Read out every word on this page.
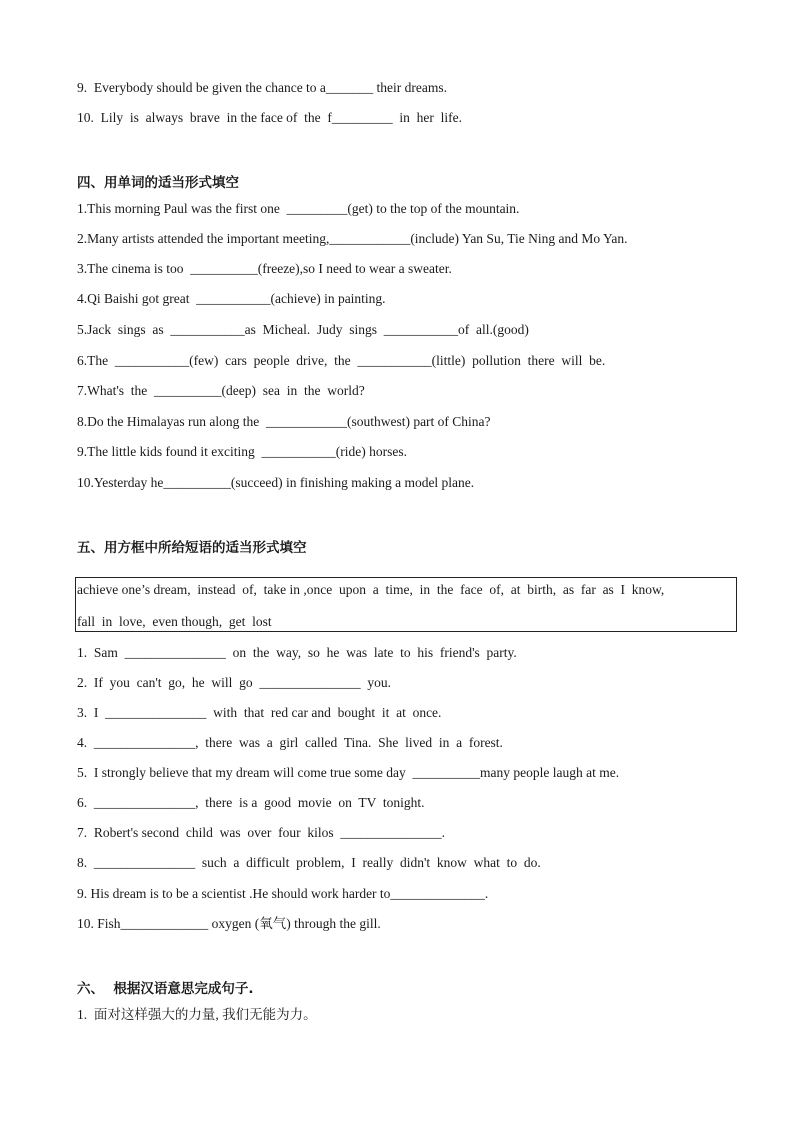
9.  Everybody should be given the chance to a_______ their dreams.
10.  Lily  is  always  brave  in the face of  the  f_________  in  her  life.
四、用单词的适当形式填空
1.This morning Paul was the first one  _________(get) to the top of the mountain.
2.Many artists attended the important meeting,____________(include) Yan Su, Tie Ning and Mo Yan.
3.The cinema is too  __________(freeze),so I need to wear a sweater.
4.Qi Baishi got great  ___________(achieve) in painting.
5.Jack  sings  as  ___________as  Micheal.  Judy  sings  ___________of  all.(good)
6.The  ___________(few)  cars  people  drive,  the  ___________(little)  pollution  there  will  be.
7.What's  the  __________(deep)  sea  in  the  world?
8.Do the Himalayas run along the  ____________(southwest) part of China?
9.The little kids found it exciting  ___________(ride) horses.
10.Yesterday he__________(succeed) in finishing making a model plane.
五、用方框中所给短语的适当形式填空
achieve one’s dream,  instead  of,  take in ,once  upon  a  time,  in  the  face  of,  at  birth,  as  far  as  I  know,
fall  in  love,  even though,  get  lost
1.  Sam  _______________  on  the  way,  so  he  was  late  to  his  friend's  party.
2.  If  you  can't  go,  he  will  go  _______________  you.
3.  I  _______________  with  that  red car and  bought  it  at  once.
4.  _______________,  there  was  a  girl  called  Tina.  She  lived  in  a  forest.
5.  I strongly believe that my dream will come true some day  __________many people laugh at me.
6.  _______________,  there  is a  good  movie  on  TV  tonight.
7.  Robert's second  child  was  over  four  kilos  _______________.
8.  _______________  such  a  difficult  problem,  I  really  didn't  know  what  to  do.
9. His dream is to be a scientist .He should work harder to______________.
10. Fish_____________ oxygen (氧气) through the gill.
六、  根据汉语意思完成句子.
1.  面对这样强大的力量, 我们无能为力。
